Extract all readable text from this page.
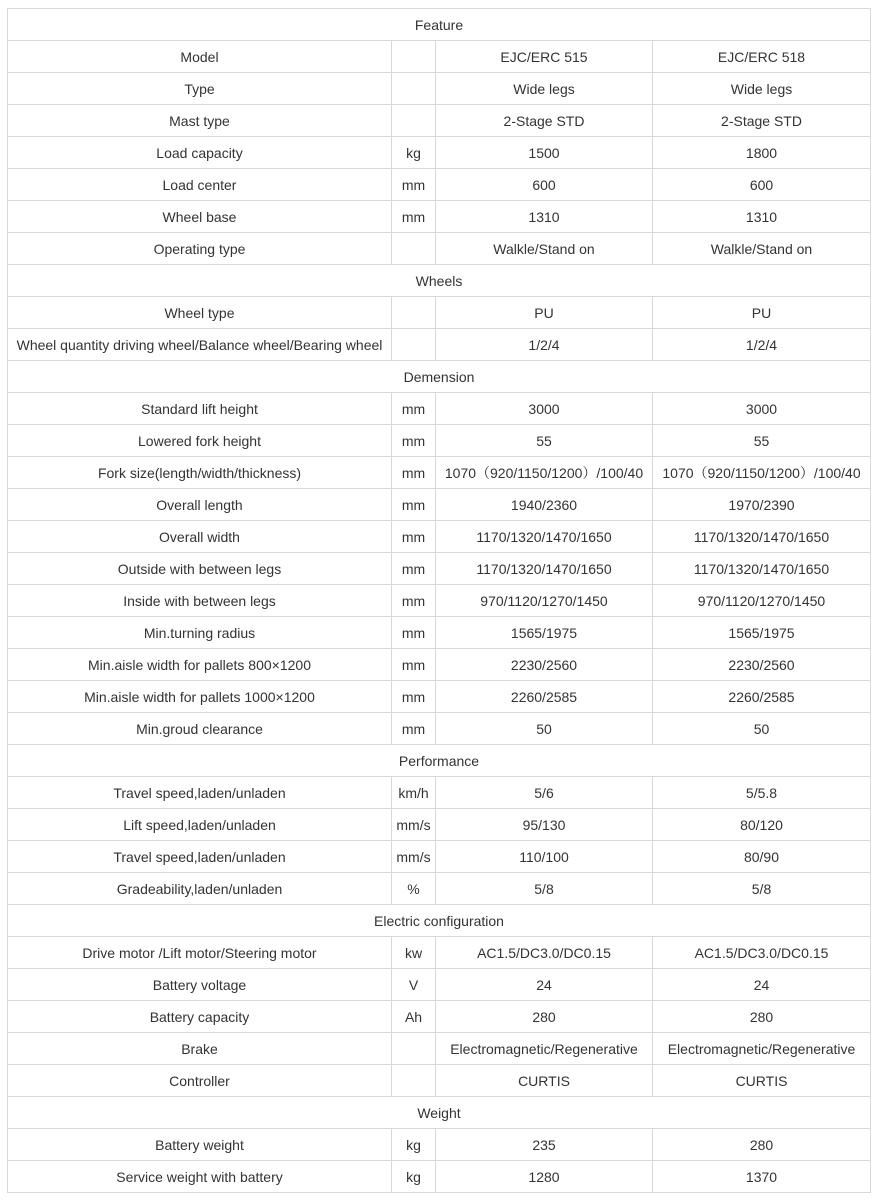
Feature			
Model		EJC/ERC 515	EJC/ERC 518
Type		Wide legs	Wide legs
Mast type		2-Stage STD	2-Stage STD
Load capacity	kg	1500	1800
Load center	mm	600	600
Wheel base	mm	1310	1310
Operating type		Walkle/Stand on	Walkle/Stand on
Wheels			
Wheel type		PU	PU
Wheel quantity driving wheel/Balance wheel/Bearing wheel		1/2/4	1/2/4
Demension			
Standard lift height	mm	3000	3000
Lowered fork height	mm	55	55
Fork size(length/width/thickness)	mm	1070（920/1150/1200）/100/40	1070（920/1150/1200）/100/40
Overall length	mm	1940/2360	1970/2390
Overall width	mm	1170/1320/1470/1650	1170/1320/1470/1650
Outside with between legs	mm	1170/1320/1470/1650	1170/1320/1470/1650
Inside with between legs	mm	970/1120/1270/1450	970/1120/1270/1450
Min.turning radius	mm	1565/1975	1565/1975
Min.aisle width for pallets 800×1200	mm	2230/2560	2230/2560
Min.aisle width for pallets 1000×1200	mm	2260/2585	2260/2585
Min.groud clearance	mm	50	50
Performance			
Travel speed,laden/unladen	km/h	5/6	5/5.8
Lift speed,laden/unladen	mm/s	95/130	80/120
Travel speed,laden/unladen	mm/s	110/100	80/90
Gradeability,laden/unladen	%	5/8	5/8
Electric configuration			
Drive motor /Lift motor/Steering motor	kw	AC1.5/DC3.0/DC0.15	AC1.5/DC3.0/DC0.15
Battery voltage	V	24	24
Battery capacity	Ah	280	280
Brake		Electromagnetic/Regenerative	Electromagnetic/Regenerative
Controller		CURTIS	CURTIS
Weight			
Battery weight	kg	235	280
Service weight with battery	kg	1280	1370
